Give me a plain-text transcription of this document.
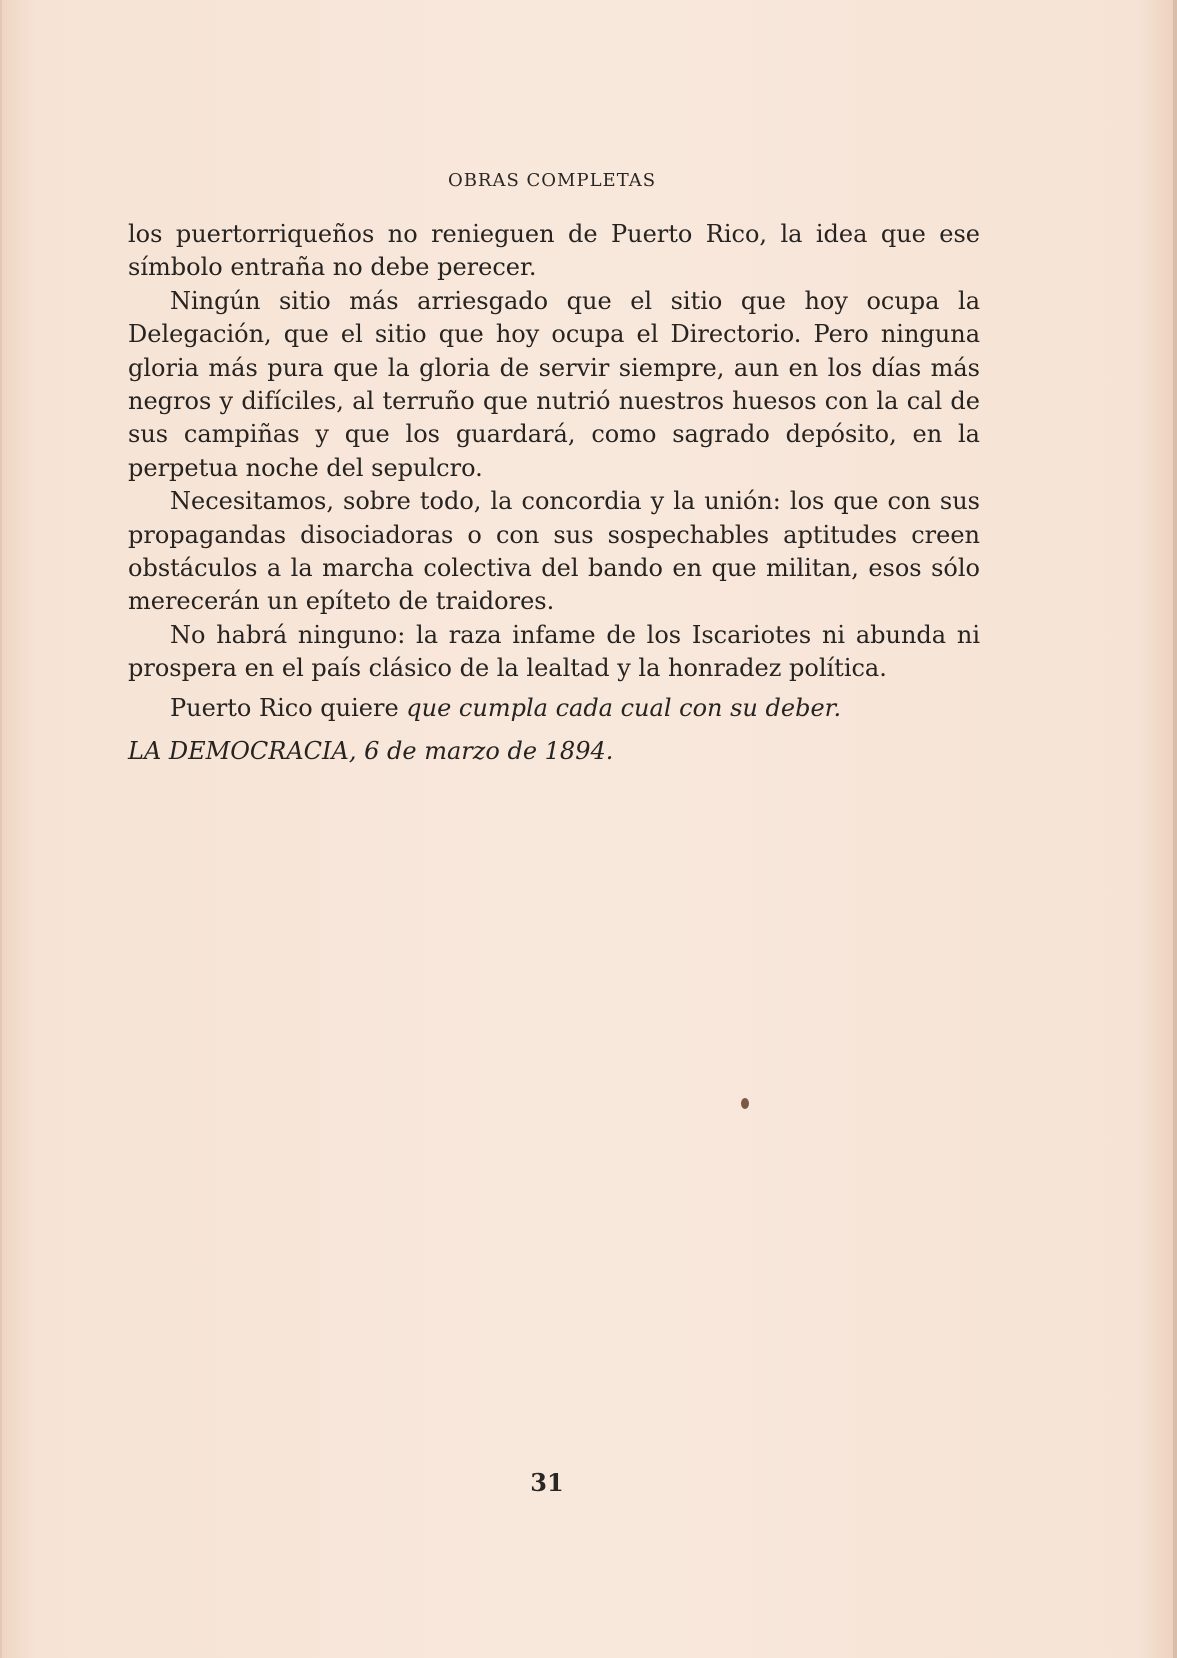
OBRAS COMPLETAS

los puertorriqueños no renieguen de Puerto Rico, la idea que ese símbolo entraña no debe perecer.

Ningún sitio más arriesgado que el sitio que hoy ocupa la Delegación, que el sitio que hoy ocupa el Directorio. Pero ninguna gloria más pura que la gloria de servir siempre, aun en los días más negros y difíciles, al terruño que nutrió nuestros huesos con la cal de sus campiñas y que los guardará, como sagrado depósito, en la perpetua noche del sepulcro.

Necesitamos, sobre todo, la concordia y la unión: los que con sus propagandas disociadoras o con sus sospechables aptitudes creen obstáculos a la marcha colectiva del bando en que militan, esos sólo merecerán un epíteto de traidores.

No habrá ninguno: la raza infame de los Iscariotes ni abunda ni prospera en el país clásico de la lealtad y la honradez política.

Puerto Rico quiere que cumpla cada cual con su deber.

LA DEMOCRACIA, 6 de marzo de 1894.
31
